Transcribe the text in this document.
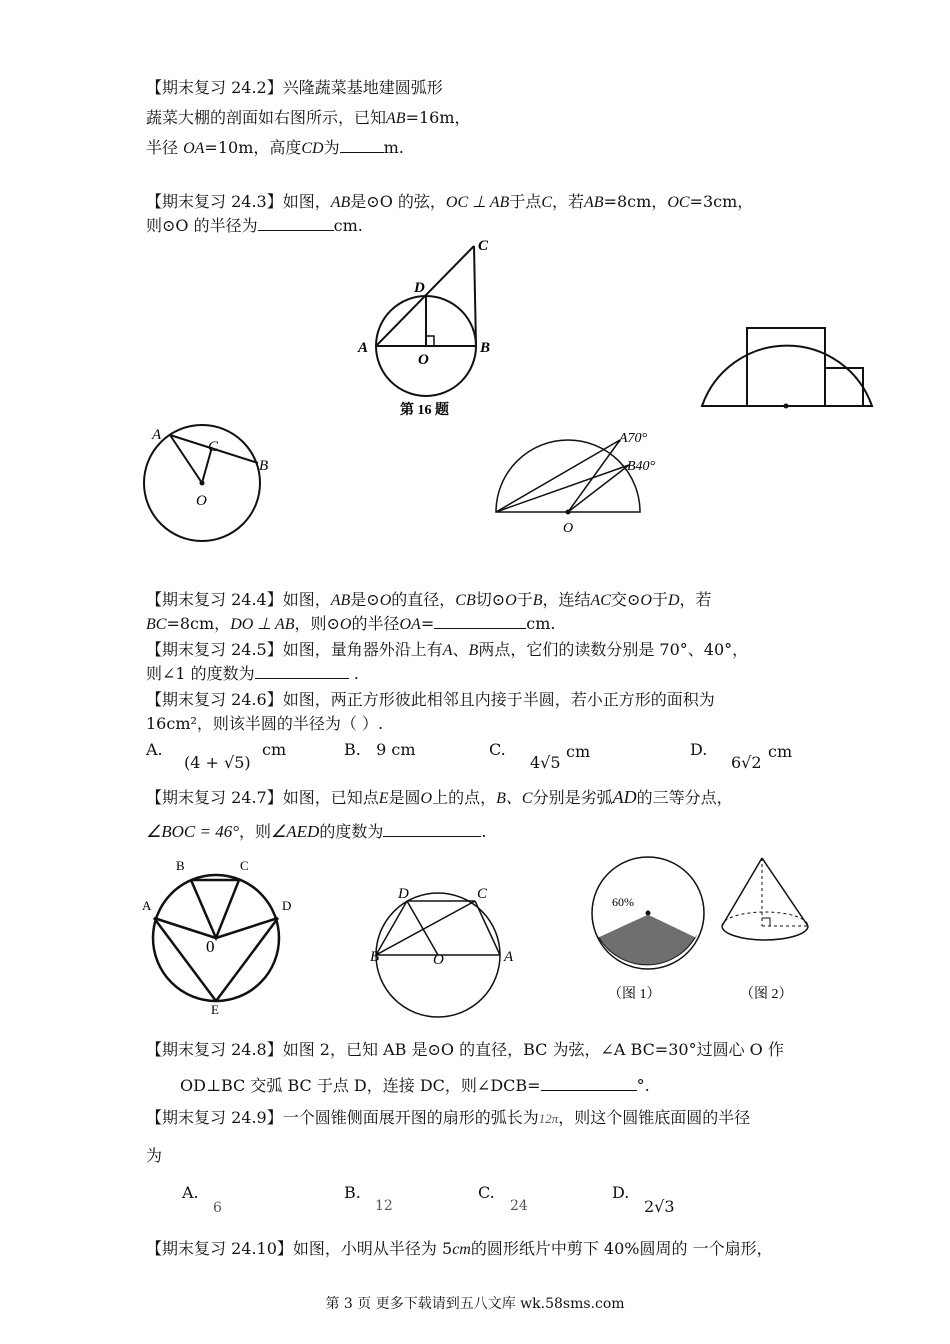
【期末复习 24.2】兴隆蔬菜基地建圆弧形
蔬菜大棚的剖面如右图所示，已知AB=16m，
半径 OA=10m，高度CD为	m.
【期末复习 24.3】如图，AB是⊙O 的弦，OC ⊥ AB于点C，若AB=8cm，OC=3cm，
则⊙O 的半径为	cm.
A
O
B
C
D
第 16 题
A
C
B
O
A70°
B40°
O
【期末复习 24.4】如图，AB是⊙O的直径，CB切⊙O于B，连结AC交⊙O于D，若
BC=8cm，DO ⊥ AB，则⊙O的半径OA=	cm.
【期末复习 24.5】如图，量角器外沿上有A、B两点，它们的读数分别是 70°、40°，
则∠1 的度数为	.
【期末复习 24.6】如图，两正方形彼此相邻且内接于半圆，若小正方形的面积为
16cm²，则该半圆的半径为（ ）.
A.
(4 + √5)
cm	B. 9 cm	C.
4√5
cm	D.
6√2
cm
【期末复习 24.7】如图，已知点E是圆O上的点，B、C分别是劣弧AD的三等分点，
∠BOC = 46°，则∠AED的度数为	.
B	C
A	D
0
E
D	C
B	O	A
60%
（图 1）	（图 2）
【期末复习 24.8】如图 2，已知 AB 是⊙O 的直径，BC 为弦，∠A BC=30°过圆心 O 作
OD⊥BC 交弧 BC 于点 D，连接 DC，则∠DCB=	°.
【期末复习 24.9】一个圆锥侧面展开图的扇形的弧长为12π，则这个圆锥底面圆的半径
为
A.
6
B.
12
C.
24
D.
2√3
【期末复习 24.10】如图，小明从半径为 5cm的圆形纸片中剪下 40%圆周的 一个扇形，
第 3 页 更多下载请到五八文库 wk.58sms.com
